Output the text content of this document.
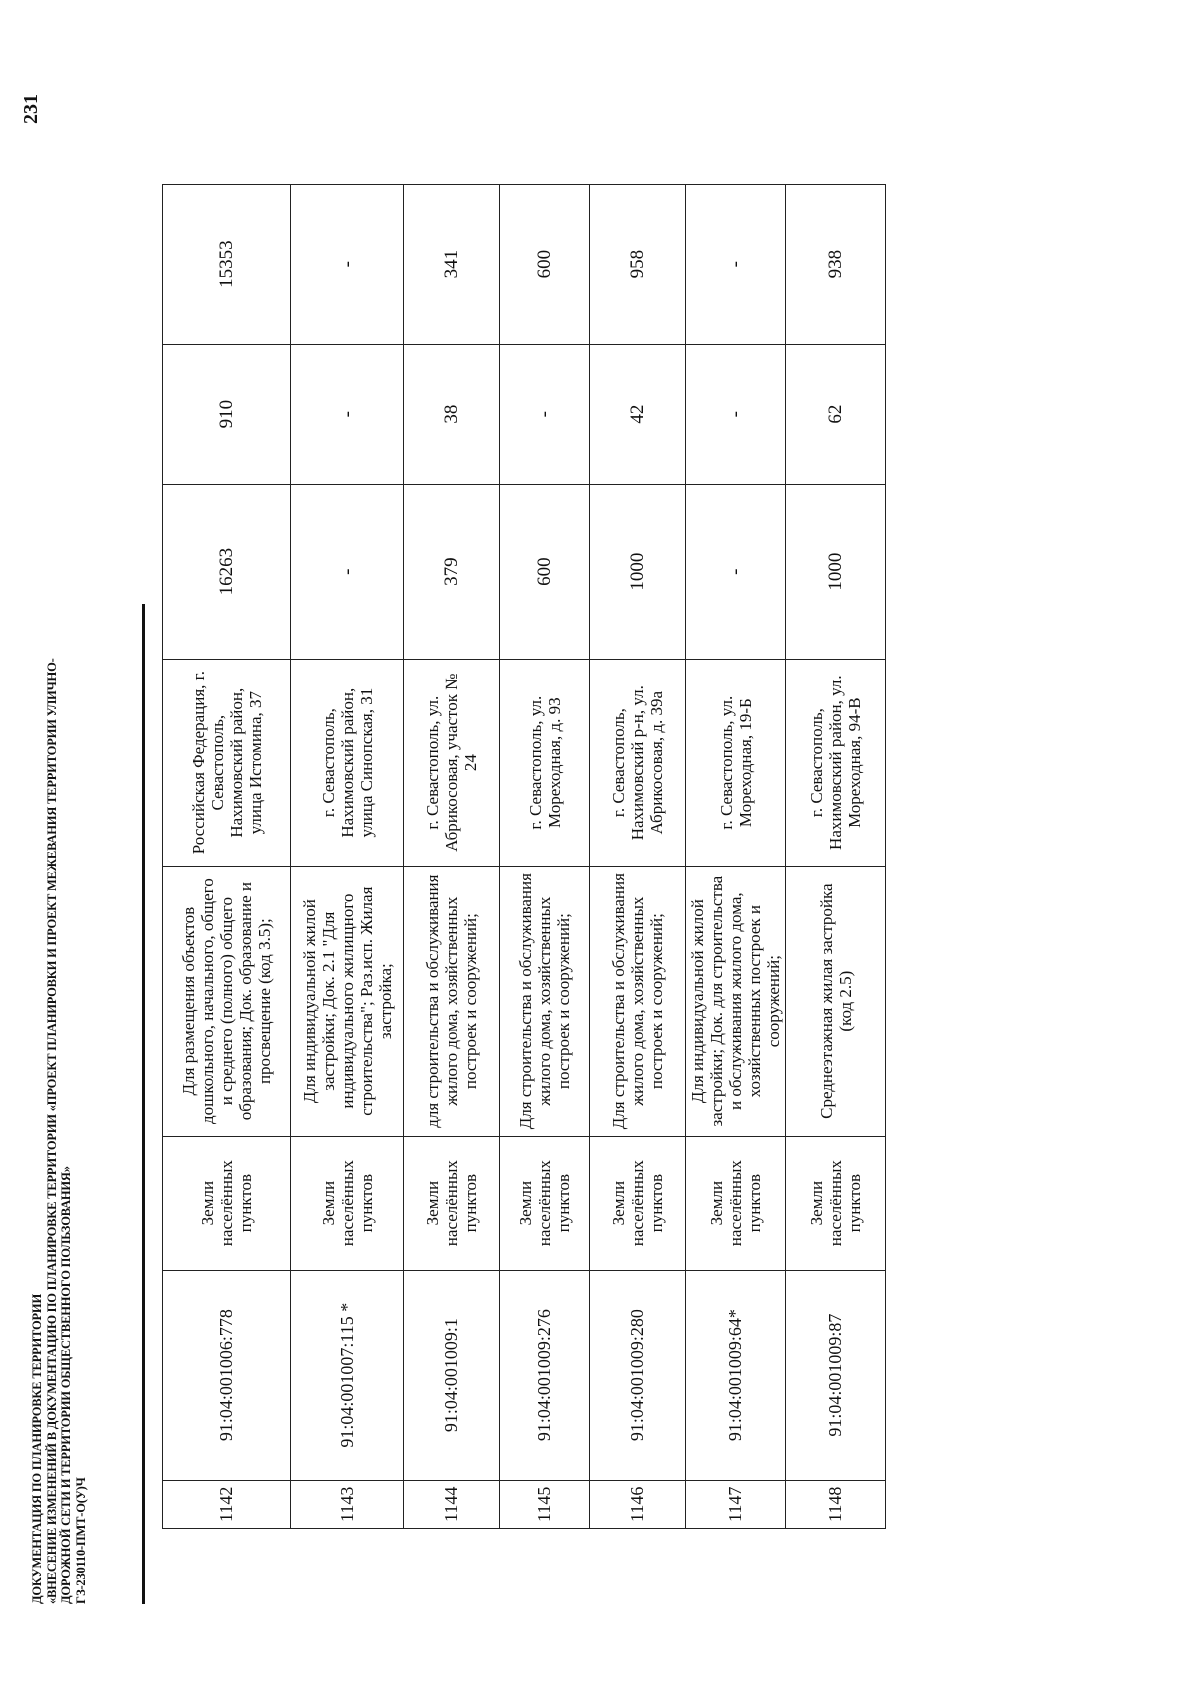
ДОКУМЕНТАЦИЯ ПО ПЛАНИРОВКЕ ТЕРРИТОРИИ «ВНЕСЕНИЕ ИЗМЕНЕНИЙ В ДОКУМЕНТАЦИЮ ПО ПЛАНИРОВКЕ ТЕРРИТОРИИ «ПРОЕКТ ПЛАНИРОВКИ И ПРОЕКТ МЕЖЕВАНИЯ ТЕРРИТОРИИ УЛИЧНО- ДОРОЖНОЙ СЕТИ И ТЕРРИТОРИИ ОБЩЕСТВЕННОГО ПОЛЬЗОВАНИЯ» ГЗ-230110-ПМТ-О(У)Ч
231
1142	91:04:001006:778	Земли населённых пунктов	Для размещения объектов дошкольного, начального, общего и среднего (полного) общего образования; Док. образование и просвещение (код 3.5);	Российская Федерация, г. Севастополь, Нахимовский район, улица Истомина, 37	16263	910	15353
1143	91:04:001007:115 *	Земли населённых пунктов	Для индивидуальной жилой застройки; Док. 2.1 "Для индивидуального жилищного строительства"; Раз.исп. Жилая застройка;	г. Севастополь, Нахимовский район, улица Синопская, 31	-	-	-
1144	91:04:001009:1	Земли населённых пунктов	для строительства и обслуживания жилого дома, хозяйственных построек и сооружений;	г. Севастополь, ул. Абрикосовая, участок № 24	379	38	341
1145	91:04:001009:276	Земли населённых пунктов	Для строительства и обслуживания жилого дома, хозяйственных построек и сооружений;	г. Севастополь, ул. Мореходная, д. 93	600	-	600
1146	91:04:001009:280	Земли населённых пунктов	Для строительства и обслуживания жилого дома, хозяйственных построек и сооружений;	г. Севастополь, Нахимовский р-н, ул. Абрикосовая, д. 39а	1000	42	958
1147	91:04:001009:64*	Земли населённых пунктов	Для индивидуальной жилой застройки; Док. для строительства и обслуживания жилого дома, хозяйственных построек и сооружений;	г. Севастополь, ул. Мореходная, 19-Б	-	-	-
1148	91:04:001009:87	Земли населённых пунктов	Среднеэтажная жилая застройка (код 2.5)	г. Севастополь, Нахимовский район, ул. Мореходная, 94-В	1000	62	938
